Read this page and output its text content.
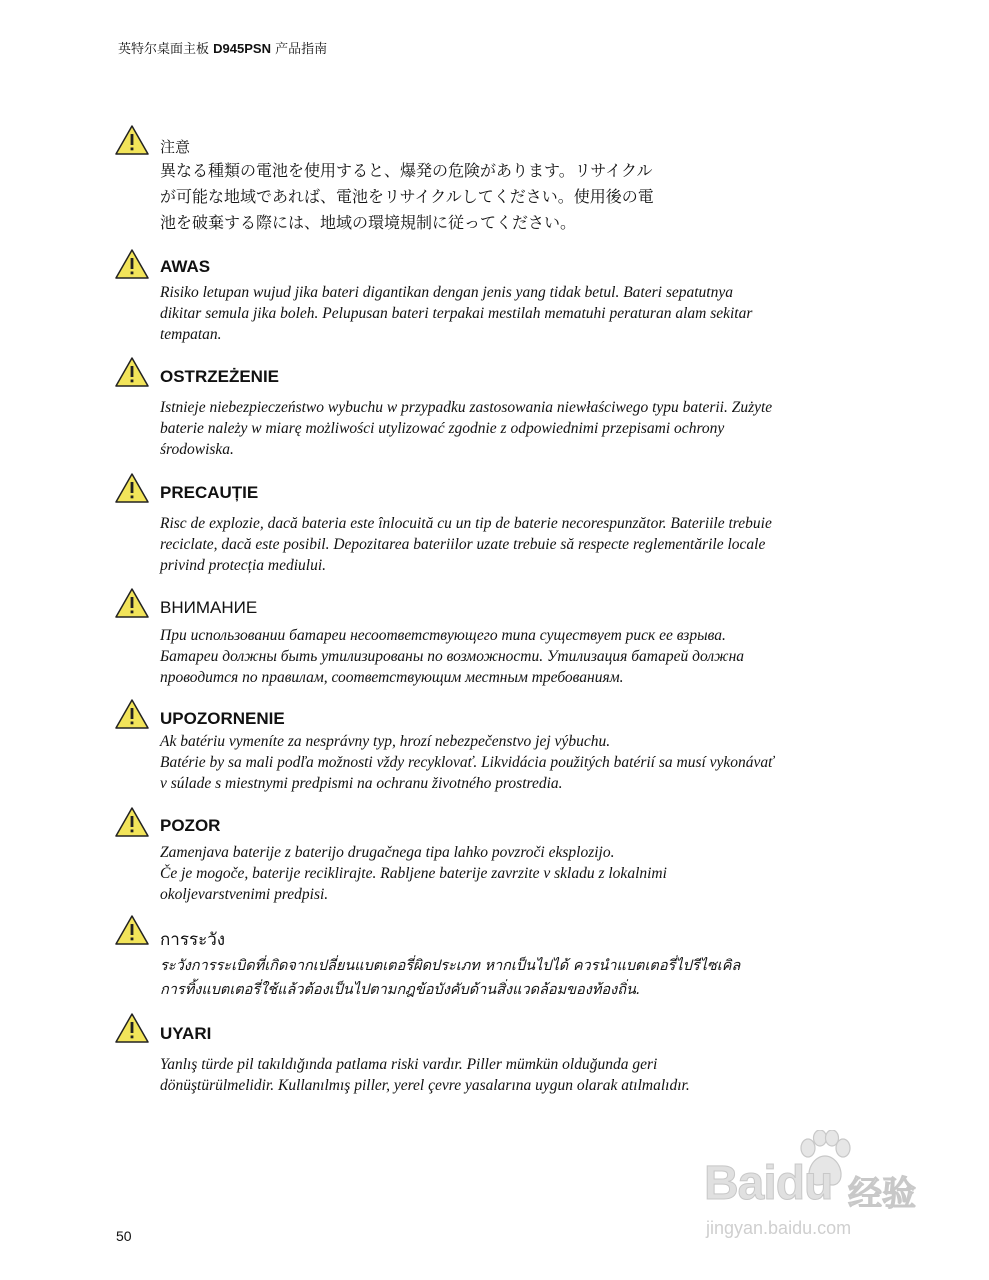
英特尔桌面主板 D945PSN 产品指南
注意
異なる種類の電池を使用すると、爆発の危険があります。リサイクル
が可能な地域であれば、電池をリサイクルしてください。使用後の電
池を破棄する際には、地域の環境規制に従ってください。
AWAS
Risiko letupan wujud jika bateri digantikan dengan jenis yang tidak betul. Bateri sepatutnya
dikitar semula jika boleh. Pelupusan bateri terpakai mestilah mematuhi peraturan alam sekitar
tempatan.
OSTRZEŻENIE
Istnieje niebezpieczeństwo wybuchu w przypadku zastosowania niewłaściwego typu baterii. Zużyte
baterie należy w miarę możliwości utylizować zgodnie z odpowiednimi przepisami ochrony
środowiska.
PRECAUȚIE
Risc de explozie, dacă bateria este înlocuită cu un tip de baterie necorespunzător. Bateriile trebuie
reciclate, dacă este posibil. Depozitarea bateriilor uzate trebuie să respecte reglementările locale
privind protecția mediului.
ВНИМАНИЕ
При использовании батареи несоответствующего типа существует риск ее взрыва.
Батареи должны быть утилизированы по возможности. Утилизация батарей должна
проводится по правилам, соответствующим местным требованиям.
UPOZORNENIE
Ak batériu vymeníte za nesprávny typ, hrozí nebezpečenstvo jej výbuchu.
Batérie by sa mali podľa možnosti vždy recyklovať. Likvidácia použitých batérií sa musí vykonávať
v súlade s miestnymi predpismi na ochranu životného prostredia.
POZOR
Zamenjava baterije z baterijo drugačnega tipa lahko povzroči eksplozijo.
Če je mogoče, baterije reciklirajte. Rabljene baterije zavrzite v skladu z lokalnimi
okoljevarstvenimi predpisi.
การระวัง
ระวังการระเบิดที่เกิดจากเปลี่ยนแบตเตอรี่ผิดประเภท หากเป็นไปได้ ควรนำแบตเตอรี่ไปรีไซเคิล
การทิ้งแบตเตอรี่ใช้แล้วต้องเป็นไปตามกฎข้อบังคับด้านสิ่งแวดล้อมของท้องถิ่น.
UYARI
Yanlış türde pil takıldığında patlama riski vardır. Piller mümkün olduğunda geri
dönüştürülmelidir. Kullanılmış piller, yerel çevre yasalarına uygun olarak atılmalıdır.
Baidu 经验
jingyan.baidu.com
50
